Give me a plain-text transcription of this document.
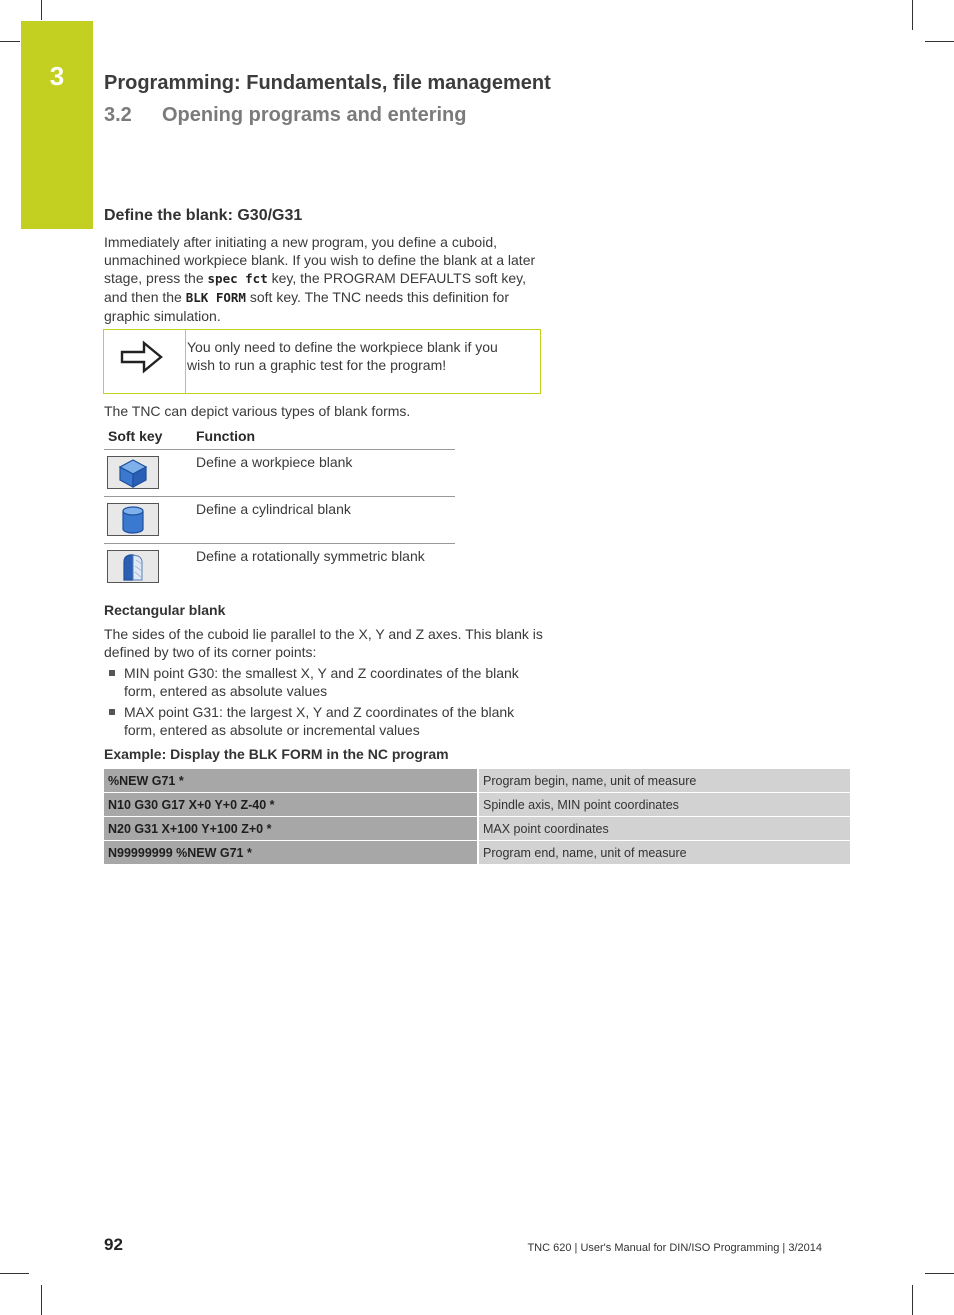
3	Programming: Fundamentals, file management
3.2 Opening programs and entering
Define the blank: G30/G31
Immediately after initiating a new program, you define a cuboid, unmachined workpiece blank. If you wish to define the blank at a later stage, press the spec fct key, the PROGRAM DEFAULTS soft key, and then the BLK FORM soft key. The TNC needs this definition for graphic simulation.
You only need to define the workpiece blank if you wish to run a graphic test for the program!
The TNC can depict various types of blank forms.
Soft key Function
Define a workpiece blank
Define a cylindrical blank
Define a rotationally symmetric blank
Rectangular blank
The sides of the cuboid lie parallel to the X, Y and Z axes. This blank is defined by two of its corner points:
MIN point G30: the smallest X, Y and Z coordinates of the blank form, entered as absolute values
MAX point G31: the largest X, Y and Z coordinates of the blank form, entered as absolute or incremental values
Example: Display the BLK FORM in the NC program
%NEW G71 *	Program begin, name, unit of measure
N10 G30 G17 X+0 Y+0 Z-40 *	Spindle axis, MIN point coordinates
N20 G31 X+100 Y+100 Z+0 *	MAX point coordinates
N99999999 %NEW G71 *	Program end, name, unit of measure
92	TNC 620 | User's Manual for DIN/ISO Programming | 3/2014
